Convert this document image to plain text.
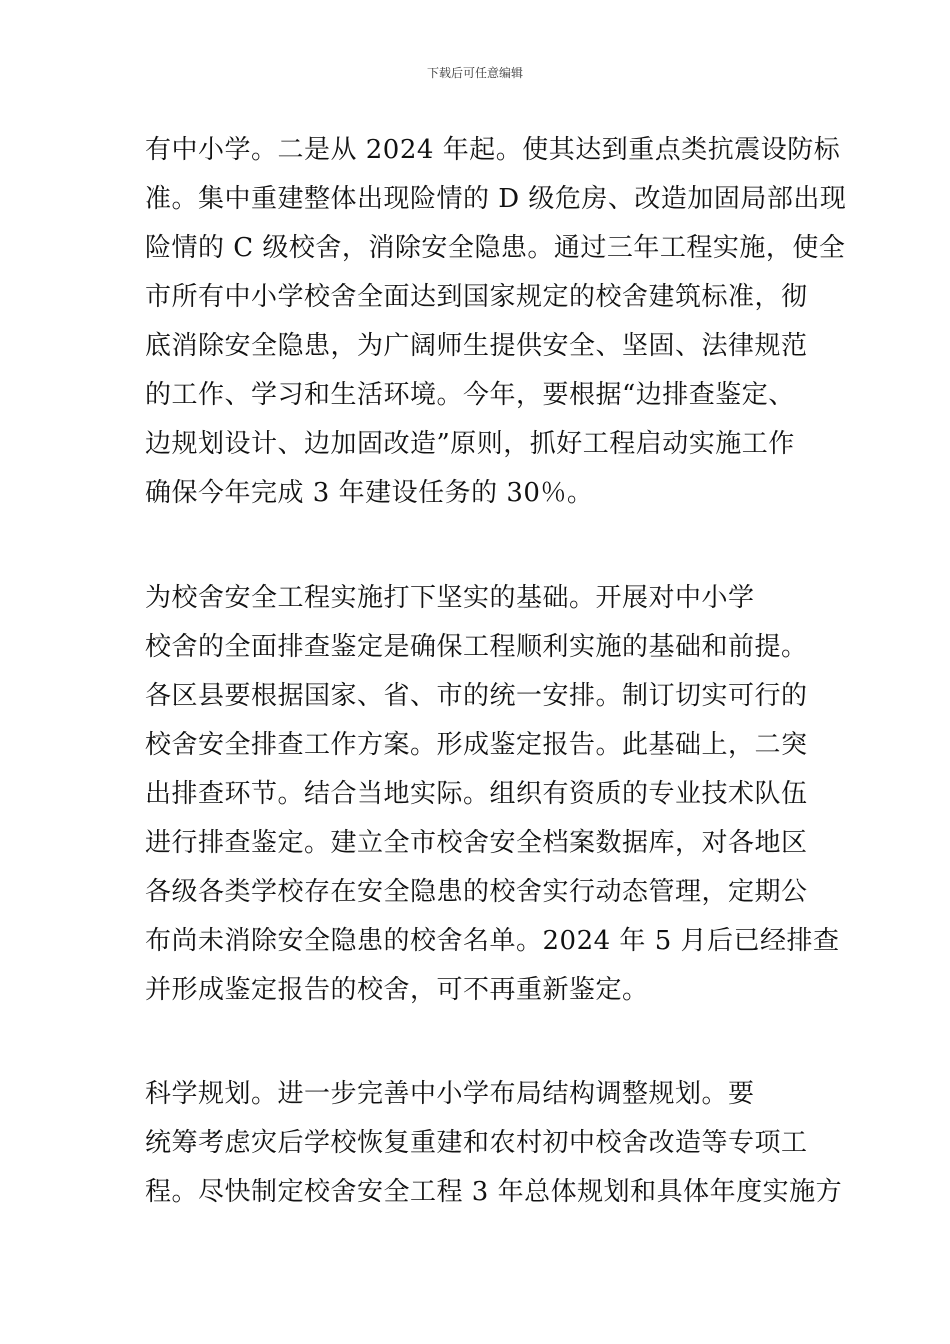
下载后可任意编辑
有中小学。二是从 2024 年起。使其达到重点类抗震设防标
准。集中重建整体出现险情的 D 级危房、改造加固局部出现
险情的 C 级校舍，消除安全隐患。通过三年工程实施，使全
市所有中小学校舍全面达到国家规定的校舍建筑标准，彻
底消除安全隐患，为广阔师生提供安全、坚固、法律规范
的工作、学习和生活环境。今年，要根据“边排查鉴定、
边规划设计、边加固改造”原则，抓好工程启动实施工作
确保今年完成 3 年建设任务的 30％。
为校舍安全工程实施打下坚实的基础。开展对中小学
校舍的全面排查鉴定是确保工程顺利实施的基础和前提。
各区县要根据国家、省、市的统一安排。制订切实可行的
校舍安全排查工作方案。形成鉴定报告。此基础上，二突
出排查环节。结合当地实际。组织有资质的专业技术队伍
进行排查鉴定。建立全市校舍安全档案数据库，对各地区
各级各类学校存在安全隐患的校舍实行动态管理，定期公
布尚未消除安全隐患的校舍名单。2024 年 5 月后已经排查
并形成鉴定报告的校舍，可不再重新鉴定。
科学规划。进一步完善中小学布局结构调整规划。要
统筹考虑灾后学校恢复重建和农村初中校舍改造等专项工
程。尽快制定校舍安全工程 3 年总体规划和具体年度实施方
